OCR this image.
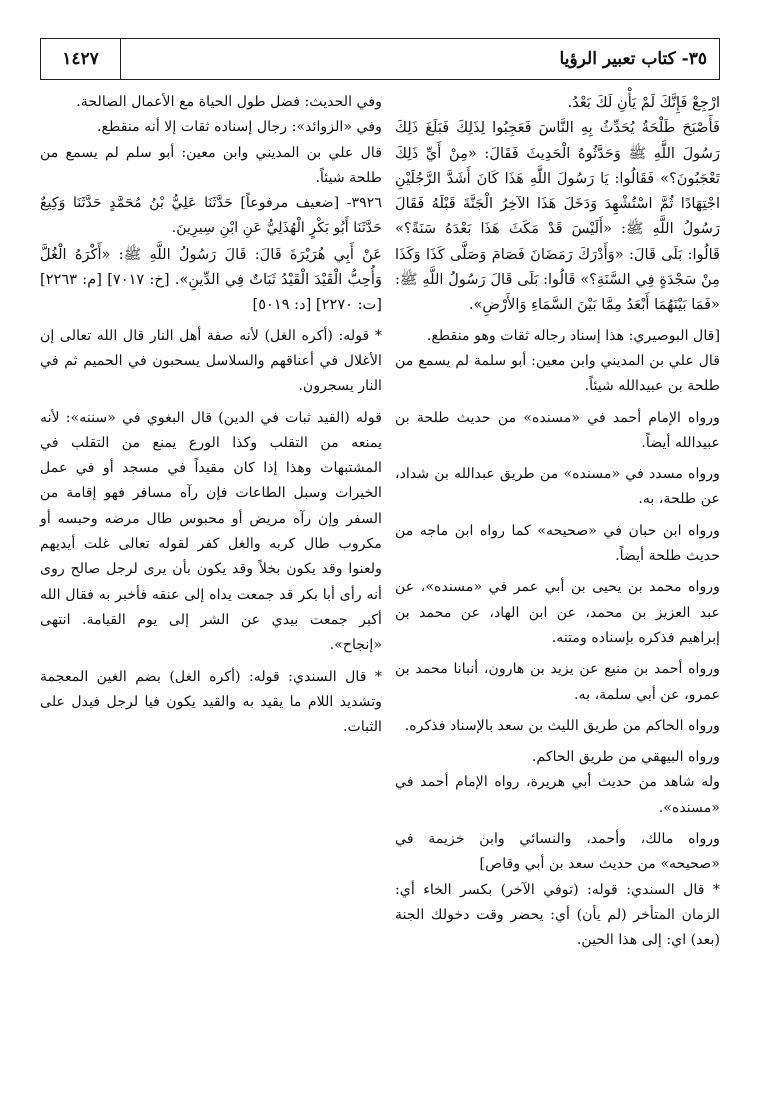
٣٥- كتاب تعبير الرؤيا
١٤٢٧

ارْجِعْ فَإِنَّكَ لَمْ يَأْنِ لَكَ بَعْدُ.

فَأَصْبَحَ طَلْحَةُ يُحَدِّثُ بِهِ النَّاسَ فَعَجِبُوا لِذَلِكَ فَبَلَغَ ذَلِكَ رَسُولَ اللَّهِ ﷺ وَحَدَّثُوهُ الْحَدِيثَ فَقَالَ: «مِنْ أَيِّ ذَلِكَ تَعْجَبُونَ؟» فَقَالُوا: يَا رَسُولَ اللَّهِ هَذَا كَانَ أَشَدَّ الرَّجُلَيْنِ اجْتِهَادًا ثُمَّ اسْتُشْهِدَ وَدَخَلَ هَذَا الآخِرُ الْجَنَّةَ قَبْلَهُ فَقَالَ رَسُولُ اللَّهِ ﷺ: «أَلَيْسَ قَدْ مَكَثَ هَذَا بَعْدَهُ سَنَةً؟» قَالُوا: بَلَى قَالَ: «وَأَدْرَكَ رَمَضَانَ فَصَامَ وَصَلَّى كَذَا وَكَذَا مِنْ سَجْدَةٍ فِي السَّنَةِ؟» قَالُوا: بَلَى قَالَ رَسُولُ اللَّهِ ﷺ: «فَمَا بَيْنَهُمَا أَبْعَدُ مِمَّا بَيْنَ السَّمَاءِ وَالأَرْضِ».

[قال البوصيري: هذا إسناد رجاله ثقات وهو منقطع.

قال علي بن المديني وابن معين: أبو سلمة لم يسمع من طلحة بن عبيدالله شيئاً.

ورواه الإمام أحمد في «مسنده» من حديث طلحة بن عبيدالله أيضاً.

ورواه مسدد في «مسنده» من طريق عبدالله بن شداد، عن طلحة، به.

ورواه ابن حبان في «صحيحه» كما رواه ابن ماجه من حديث طلحة أيضاً.

ورواه محمد بن يحيى بن أبي عمر في «مسنده»، عن عبد العزيز بن محمد، عن ابن الهاد، عن محمد بن إبراهيم فذكره بإسناده ومتنه.

ورواه أحمد بن منيع عن يزيد بن هارون، أنبانا محمد بن عمرو، عن أبي سلمة، به.

ورواه الحاكم من طريق الليث بن سعد بالإسناد فذكره.

ورواه البيهقي من طريق الحاكم.

وله شاهد من حديث أبي هريرة، رواه الإمام أحمد في «مسنده».

ورواه مالك، وأحمد، والنسائي وابن خزيمة في «صحيحه» من حديث سعد بن أبي وقاص]

* قال السندي: قوله: (توفي الآخر) بكسر الخاء أي: الزمان المتأخر (لم يأن) أي: يحضر وقت دخولك الجنة (بعد) اي: إلى هذا الحين.

وفي الحديث: فضل طول الحياة مع الأعمال الصالحة.

وفي «الزوائد»: رجال إسناده ثقات إلا أنه منقطع.

قال علي بن المديني وابن معين: أبو سلم لم يسمع من طلحة شيئاً.

٣٩٢٦- [ضعيف مرفوعاً] حَدَّثَنَا عَلِيُّ بْنُ مُحَمَّدٍ حَدَّثَنَا وَكِيعٌ حَدَّثَنَا أَبُو بَكْرٍ الْهُذَلِيُّ عَنِ ابْنِ سِيرِينَ.

عَنْ أَبِي هُرَيْرَةَ قَالَ: قَالَ رَسُولُ اللَّهِ ﷺ: «أَكْرَهُ الْغُلَّ وَأُحِبُّ الْقَيْدَ الْقَيْدُ ثَبَاتٌ فِي الدِّينِ». [خ: ٧٠١٧] [م: ٢٢٦٣] [ت: ٢٢٧٠] [د: ٥٠١٩]

* قوله: (أكره الغل) لأنه صفة أهل النار قال الله تعالى إن الأغلال في أعناقهم والسلاسل يسحبون في الحميم ثم في النار يسجرون.

قوله (القيد ثبات في الدين) قال البغوي في «سننه»: لأنه يمنعه من التقلب وكذا الورع يمنع من التقلب في المشتبهات وهذا إذا كان مقيداً في مسجد أو في عمل الخيرات وسبل الطاعات فإن رآه مسافر فهو إقامة من السفر وإن رآه مريض أو محبوس طال مرضه وحبسه أو مكروب طال كربه والغل كفر لقوله تعالى غلت أيديهم ولعنوا وقد يكون بخلاً وقد يكون بأن يرى لرجل صالح روى أنه رأى أبا بكر قد جمعت يداه إلى عنقه فأخبر به فقال الله أكبر جمعت بيدي عن الشر إلى يوم القيامة. انتهى «إنجاح».

* قال السندي: قوله: (أكره الغل) بضم الغين المعجمة وتشديد اللام ما يقيد به والقيد يكون فيا لرجل فيدل على الثبات.
